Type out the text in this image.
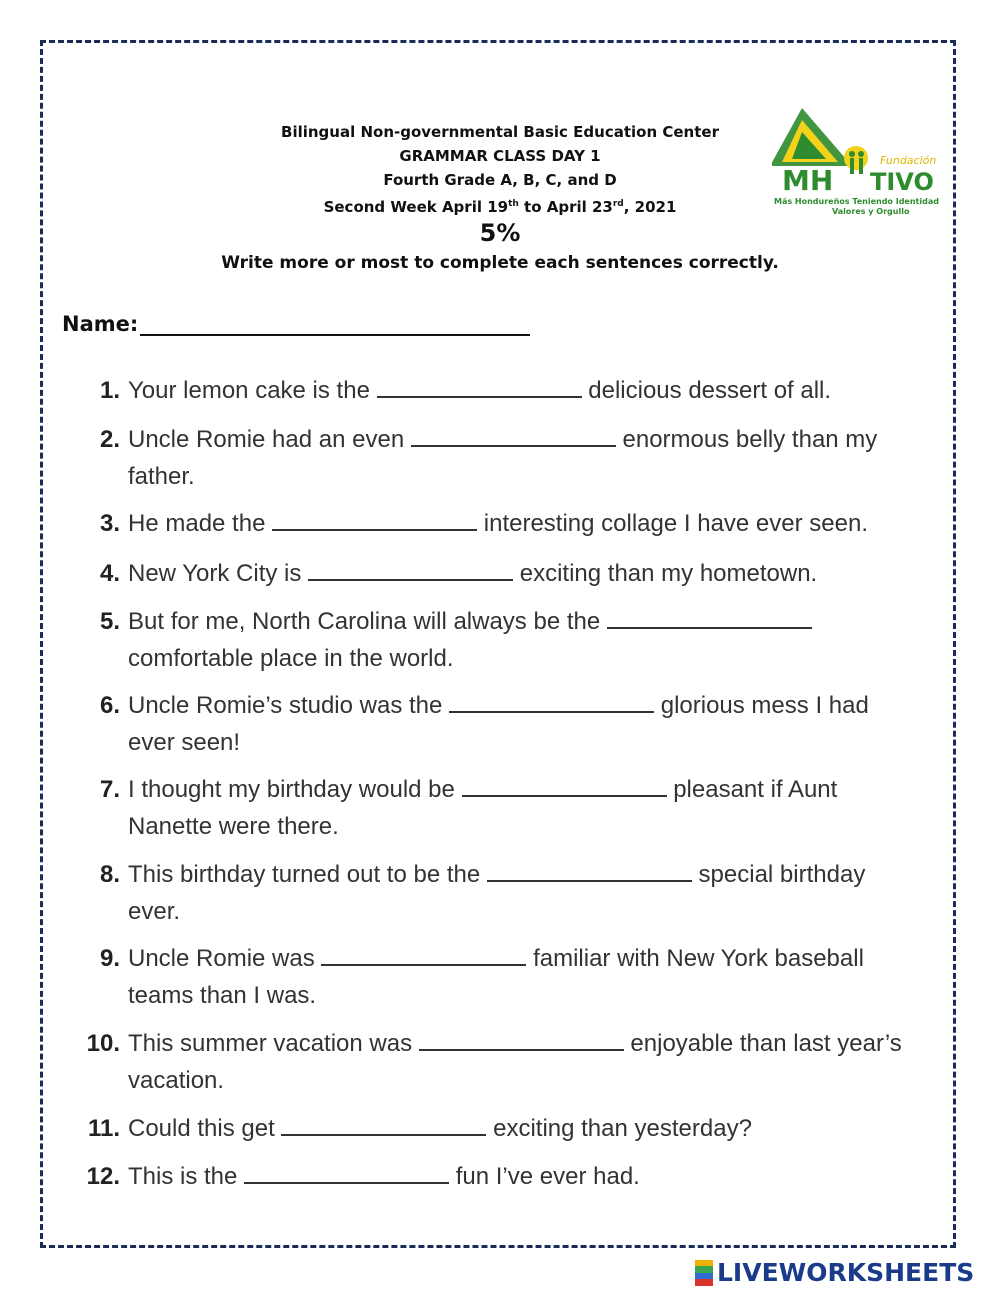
Bilingual Non-governmental Basic Education Center
GRAMMAR CLASS DAY 1
Fourth Grade A, B, C, and D
Second Week April 19th to April 23rd, 2021
5%
Write more or most to complete each sentences correctly.
Fundación
MH TIVO
Más Hondureños Teniendo Identidad
Valores y Orgullo
Name:
1. Your lemon cake is the	delicious dessert of all.
2. Uncle Romie had an even	enormous belly than my father.
3. He made the	interesting collage I have ever seen.
4. New York City is	exciting than my hometown.
5. But for me, North Carolina will always be the  comfortable place in the world.
6. Uncle Romie’s studio was the	glorious mess I had ever seen!
7. I thought my birthday would be	pleasant if Aunt Nanette were there.
8. This birthday turned out to be the	special birthday ever.
9. Uncle Romie was	familiar with New York baseball teams than I was.
10. This summer vacation was	enjoyable than last year’s vacation.
11. Could this get	exciting than yesterday?
12. This is the	fun I’ve ever had.
LIVEWORKSHEETS
